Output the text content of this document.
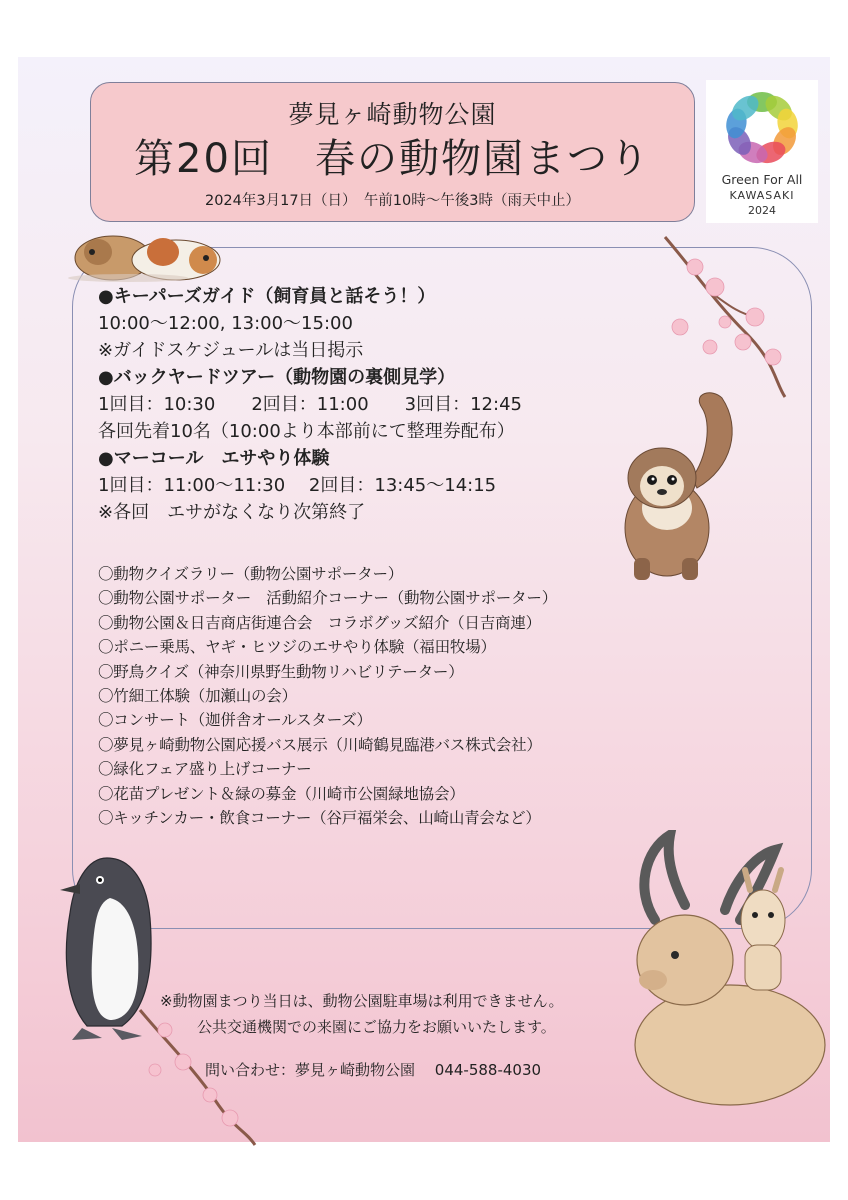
夢見ヶ崎動物公園
第20回　春の動物園まつり
2024年3月17日（日）　午前10時～午後3時（雨天中止）
Green For All
KAWASAKI
2024
●キーパーズガイド（飼育員と話そう！）
10:00～12:00, 13:00～15:00
※ガイドスケジュールは当日掲示
●バックヤードツアー（動物園の裏側見学）
1回目：10:30　　2回目：11:00　　3回目：12:45
各回先着10名（10:00より本部前にて整理券配布）
●マーコール　エサやり体験
1回目：11:00～11:30　 2回目：13:45～14:15
※各回　エサがなくなり次第終了
〇動物クイズラリー（動物公園サポーター）
〇動物公園サポーター　活動紹介コーナー（動物公園サポーター）
〇動物公園＆日吉商店街連合会　コラボグッズ紹介（日吉商連）
〇ポニー乗馬、ヤギ・ヒツジのエサやり体験（福田牧場）
〇野鳥クイズ（神奈川県野生動物リハビリテーター）
〇竹細工体験（加瀬山の会）
〇コンサート（迦併舎オールスターズ）
〇夢見ヶ崎動物公園応援バス展示（川崎鶴見臨港バス株式会社）
〇緑化フェア盛り上げコーナー
〇花苗プレゼント＆緑の募金（川崎市公園緑地協会）
〇キッチンカー・飲食コーナー（谷戸福栄会、山崎山青会など）
※動物園まつり当日は、動物公園駐車場は利用できません。
公共交通機関での来園にご協力をお願いいたします。
問い合わせ：夢見ヶ崎動物公園　 044-588-4030
